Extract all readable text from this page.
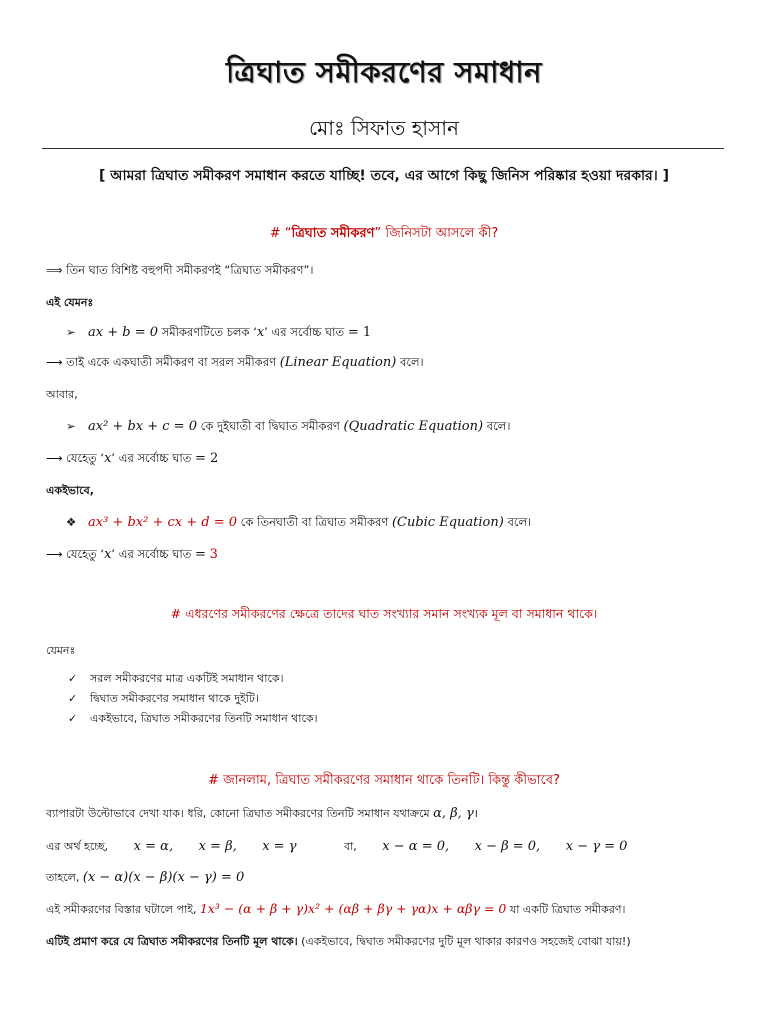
ত্রিঘাত সমীকরণের সমাধান
মোঃ সিফাত হাসান
[ আমরা ত্রিঘাত সমীকরণ সমাধান করতে যাচ্ছি! তবে, এর আগে কিছু জিনিস পরিষ্কার হওয়া দরকার। ]
# “ত্রিঘাত সমীকরণ” জিনিসটা আসলে কী?
⟹ তিন ঘাত বিশিষ্ট বহুপদী সমীকরণই “ত্রিঘাত সমীকরণ”।
এই যেমনঃ
➢ ax + b = 0 সমীকরণটিতে চলক ‘x’ এর সর্বোচ্চ ঘাত = 1
⟶ তাই একে একঘাতী সমীকরণ বা সরল সমীকরণ (Linear Equation) বলে।
আবার,
➢ ax² + bx + c = 0 কে দুইঘাতী বা দ্বিঘাত সমীকরণ (Quadratic Equation) বলে।
⟶ যেহেতু ‘x’ এর সর্বোচ্চ ঘাত = 2
একইভাবে,
❖ ax³ + bx² + cx + d = 0 কে তিনঘাতী বা ত্রিঘাত সমীকরণ (Cubic Equation) বলে।
⟶ যেহেতু ‘x’ এর সর্বোচ্চ ঘাত = 3
# এধরণের সমীকরণের ক্ষেত্রে তাদের ঘাত সংখ্যার সমান সংখ্যক মূল বা সমাধান থাকে।
যেমনঃ
✓ সরল সমীকরণের মাত্র একটিই সমাধান থাকে।
✓ দ্বিঘাত সমীকরণের সমাধান থাকে দুইটি।
✓ একইভাবে, ত্রিঘাত সমীকরণের তিনটি সমাধান থাকে।
# জানলাম, ত্রিঘাত সমীকরণের সমাধান থাকে তিনটি। কিন্তু কীভাবে?
ব্যাপারটা উল্টোভাবে দেখা যাক। ধরি, কোনো ত্রিঘাত সমীকরণের তিনটি সমাধান যথাক্রমে α, β, γ।
এর অর্থ হচ্ছে, x = α, x = β, x = γ	বা, x − α = 0, x − β = 0, x − γ = 0
তাহলে, (x − α)(x − β)(x − γ) = 0
এই সমীকরণের বিস্তার ঘটালে পাই, 1x³ − (α + β + γ)x² + (αβ + βγ + γα)x + αβγ = 0 যা একটি ত্রিঘাত সমীকরণ।
এটিই প্রমাণ করে যে ত্রিঘাত সমীকরণের তিনটি মূল থাকে। (একইভাবে, দ্বিঘাত সমীকরণের দুটি মূল থাকার কারণও সহজেই বোঝা যায়!)
